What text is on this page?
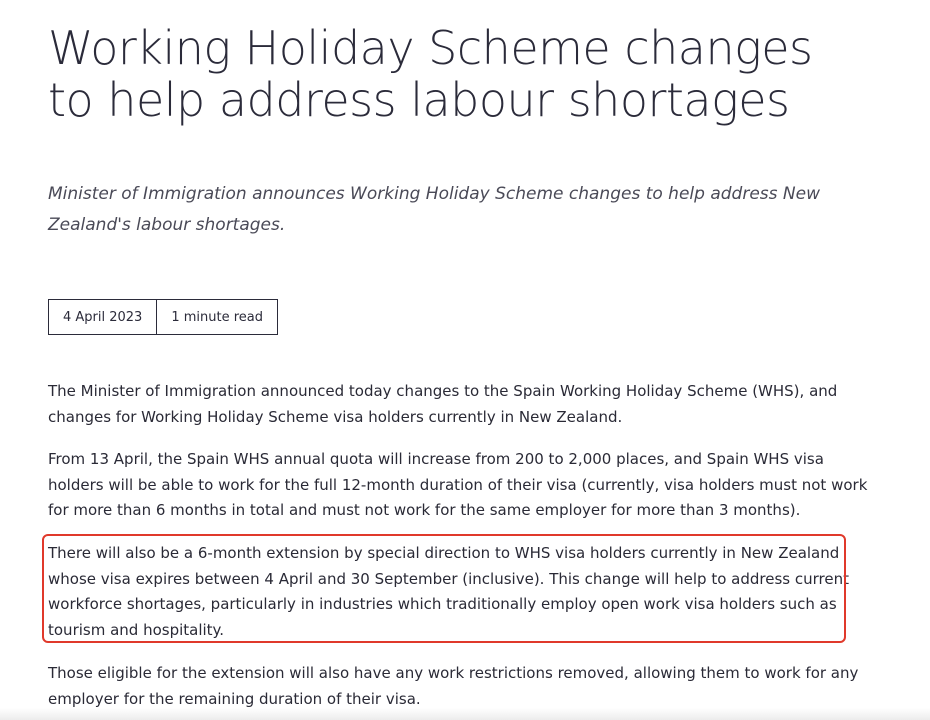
Working Holiday Scheme changes to help address labour shortages

Minister of Immigration announces Working Holiday Scheme changes to help address New Zealand's labour shortages.

4 April 2023	1 minute read

The Minister of Immigration announced today changes to the Spain Working Holiday Scheme (WHS), and changes for Working Holiday Scheme visa holders currently in New Zealand.

From 13 April, the Spain WHS annual quota will increase from 200 to 2,000 places, and Spain WHS visa holders will be able to work for the full 12-month duration of their visa (currently, visa holders must not work for more than 6 months in total and must not work for the same employer for more than 3 months).

There will also be a 6-month extension by special direction to WHS visa holders currently in New Zealand whose visa expires between 4 April and 30 September (inclusive). This change will help to address current workforce shortages, particularly in industries which traditionally employ open work visa holders such as tourism and hospitality.

Those eligible for the extension will also have any work restrictions removed, allowing them to work for any employer for the remaining duration of their visa.
